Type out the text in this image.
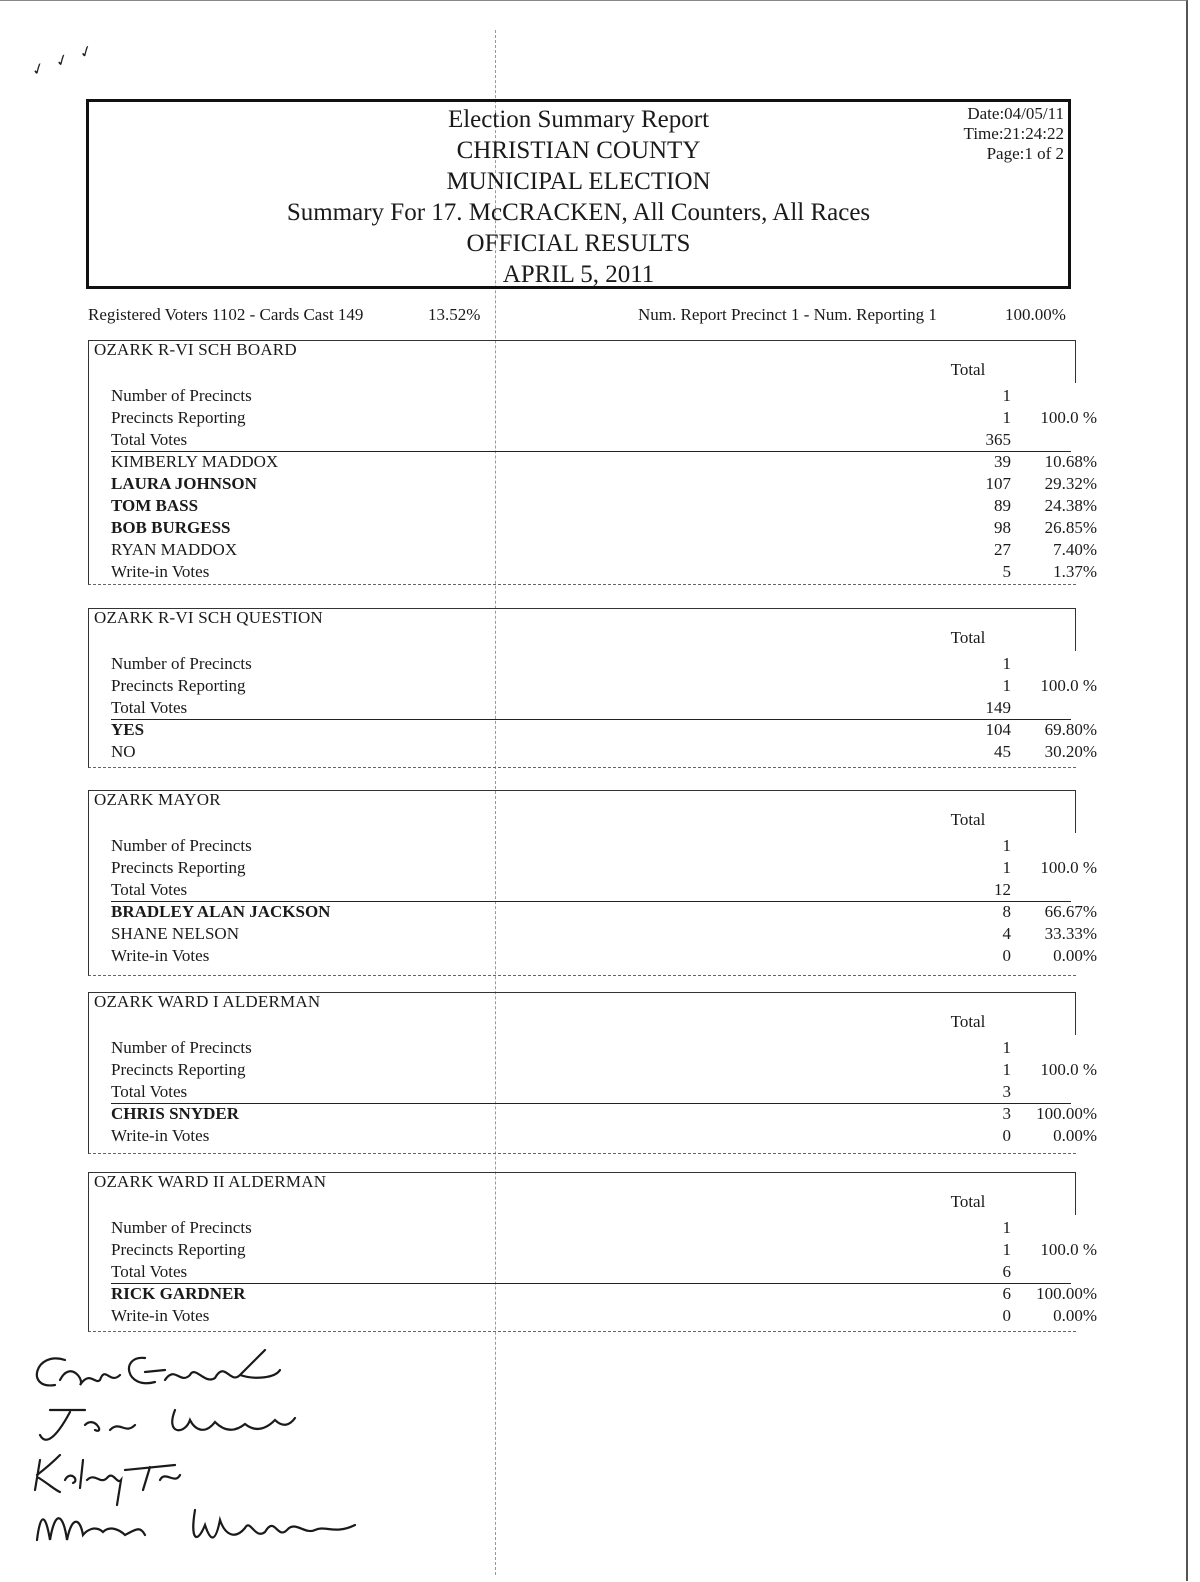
✓ ✓ ✓
Election Summary Report
CHRISTIAN COUNTY
MUNICIPAL ELECTION
Summary For 17. McCRACKEN, All Counters, All Races
OFFICIAL RESULTS
APRIL 5, 2011
Date:04/05/11
Time:21:24:22
Page:1 of 2
Registered Voters 1102 - Cards Cast 149	13.52%	Num. Report Precinct 1 - Num. Reporting 1	100.00%
OZARK R-VI SCH BOARD
Total
Number of Precincts	1
Precincts Reporting	1	100.0 %
Total Votes	365
KIMBERLY MADDOX	39	10.68%
LAURA JOHNSON	107	29.32%
TOM BASS	89	24.38%
BOB BURGESS	98	26.85%
RYAN MADDOX	27	7.40%
Write-in Votes	5	1.37%
OZARK R-VI SCH QUESTION
Total
Number of Precincts	1
Precincts Reporting	1	100.0 %
Total Votes	149
YES	104	69.80%
NO	45	30.20%
OZARK MAYOR
Total
Number of Precincts	1
Precincts Reporting	1	100.0 %
Total Votes	12
BRADLEY ALAN JACKSON	8	66.67%
SHANE NELSON	4	33.33%
Write-in Votes	0	0.00%
OZARK WARD I ALDERMAN
Total
Number of Precincts	1
Precincts Reporting	1	100.0 %
Total Votes	3
CHRIS SNYDER	3	100.00%
Write-in Votes	0	0.00%
OZARK WARD II ALDERMAN
Total
Number of Precincts	1
Precincts Reporting	1	100.0 %
Total Votes	6
RICK GARDNER	6	100.00%
Write-in Votes	0	0.00%
